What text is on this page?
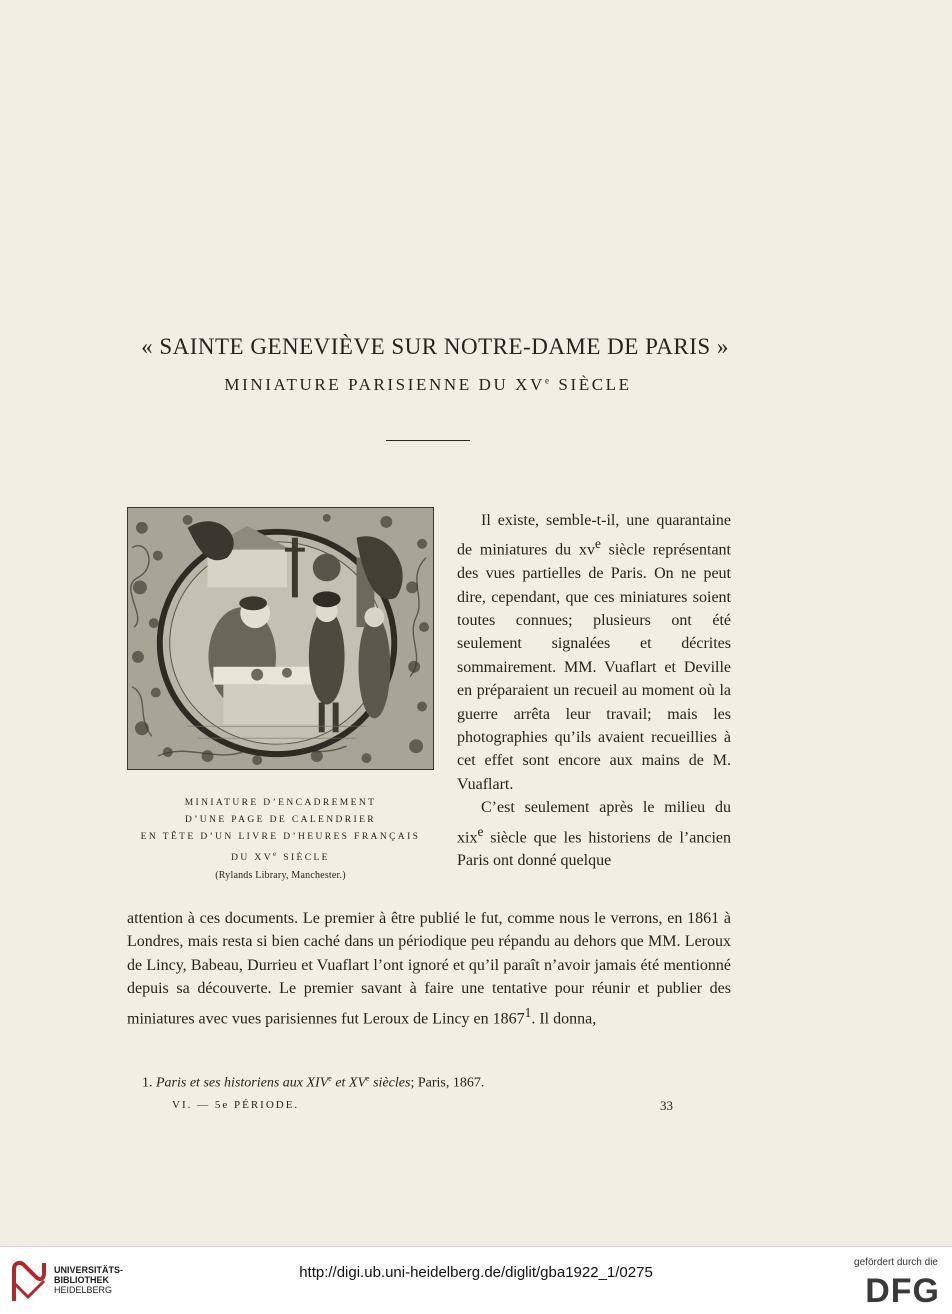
« SAINTE GENEVIÈVE SUR NOTRE-DAME DE PARIS »
MINIATURE PARISIENNE DU XVe SIÈCLE
MINIATURE D’ENCADREMENT
D’UNE PAGE DE CALENDRIER
EN TÊTE D’UN LIVRE D’HEURES FRANÇAIS
DU XVe SIÈCLE
(Rylands Library, Manchester.)

Il existe, semble-t-il, une quarantaine de miniatures du $xv^e$ siècle représentant des vues partielles de Paris. On ne peut dire, cependant, que ces miniatures soient toutes connues; plusieurs ont été seulement signalées et décrites sommairement. MM. Vuaflart et Deville en préparaient un recueil au moment où la guerre arrêta leur travail; mais les photographies qu’ils avaient recueillies à cet effet sont encore aux mains de M. Vuaflart.

C’est seulement après le milieu du xix$^e$ siècle que les historiens de l’ancien Paris ont donné quelque

attention à ces documents. Le premier à être publié le fut, comme nous le verrons, en 1861 à Londres, mais resta si bien caché dans un périodique peu répandu au dehors que MM. Leroux de Lincy, Babeau, Durrieu et Vuaflart l’ont ignoré et qu’il paraît n’avoir jamais été mentionné depuis sa découverte. Le premier savant à faire une tentative pour réunir et publier des miniatures avec vues parisiennes fut Leroux de Lincy en 1867$^1$. Il donna,
1. Paris et ses historiens aux XIVe et XVe siècles; Paris, 1867.
VI. — 5e PÉRIODE.	33
UNIVERSITÄTS-
BIBLIOTHEK
HEIDELBERG
http://digi.ub.uni-heidelberg.de/diglit/gba1922_1/0275
gefördert durch die
DFG
